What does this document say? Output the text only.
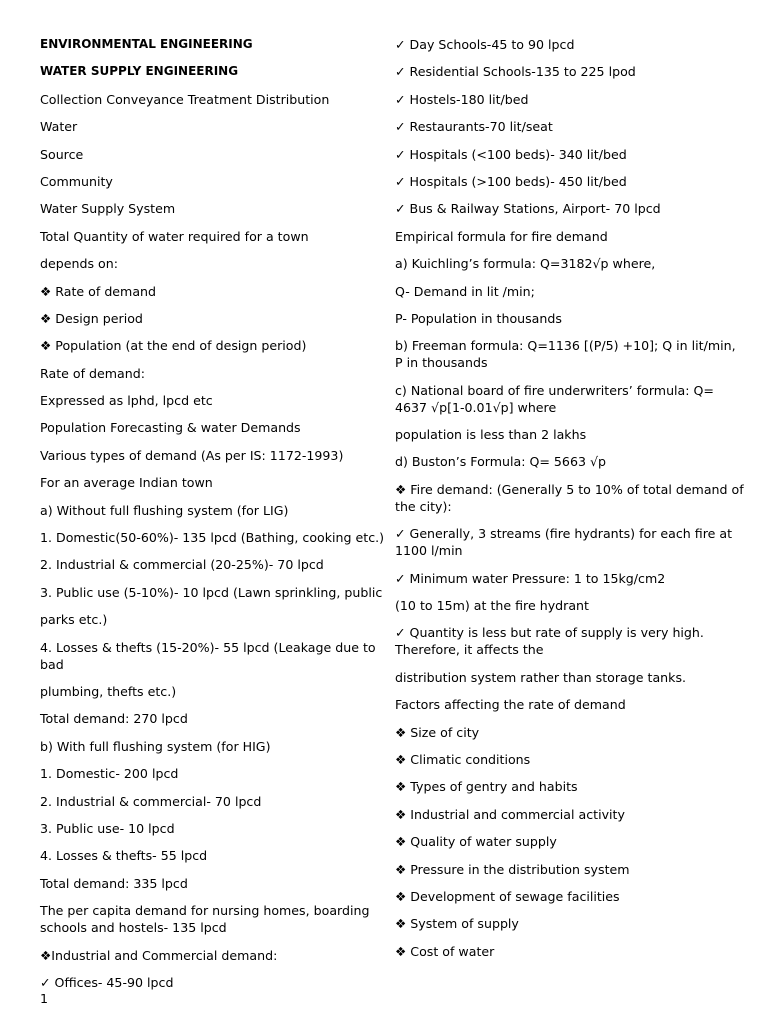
ENVIRONMENTAL ENGINEERING

WATER SUPPLY ENGINEERING

Collection Conveyance Treatment Distribution

Water

Source

Community

Water Supply System

Total Quantity of water required for a town

depends on:

❖ Rate of demand

❖ Design period

❖ Population (at the end of design period)

Rate of demand:

Expressed as lphd, lpcd etc

Population Forecasting & water Demands

Various types of demand (As per IS: 1172-1993)

For an average Indian town

a) Without full flushing system (for LIG)

1. Domestic(50-60%)- 135 lpcd (Bathing, cooking etc.)

2. Industrial & commercial (20-25%)- 70 lpcd

3. Public use (5-10%)- 10 lpcd (Lawn sprinkling, public

parks etc.)

4. Losses & thefts (15-20%)- 55 lpcd (Leakage due to bad

plumbing, thefts etc.)

Total demand: 270 lpcd

b) With full flushing system (for HIG)

1. Domestic- 200 lpcd

2. Industrial & commercial- 70 lpcd

3. Public use- 10 lpcd

4. Losses & thefts- 55 lpcd

Total demand: 335 lpcd

The per capita demand for nursing homes, boarding schools and hostels- 135 lpcd

❖Industrial and Commercial demand:

✓ Offices- 45-90 lpcd

✓ Day Schools-45 to 90 lpcd

✓ Residential Schools-135 to 225 lpod

✓ Hostels-180 lit/bed

✓ Restaurants-70 lit/seat

✓ Hospitals (<100 beds)- 340 lit/bed

✓ Hospitals (>100 beds)- 450 lit/bed

✓ Bus & Railway Stations, Airport- 70 lpcd

Empirical formula for fire demand

a) Kuichling’s formula: Q=3182√p where,

Q- Demand in lit /min;

P- Population in thousands

b) Freeman formula: Q=1136 [(P/5) +10]; Q in lit/min, P in thousands

c) National board of fire underwriters’ formula: Q= 4637 √p[1-0.01√p] where

population is less than 2 lakhs

d) Buston’s Formula: Q= 5663 √p

❖ Fire demand: (Generally 5 to 10% of total demand of the city):

✓ Generally, 3 streams (fire hydrants) for each fire at 1100 l/min

✓ Minimum water Pressure: 1 to 15kg/cm2

(10 to 15m) at the fire hydrant

✓ Quantity is less but rate of supply is very high. Therefore, it affects the

distribution system rather than storage tanks.

Factors affecting the rate of demand

❖ Size of city

❖ Climatic conditions

❖ Types of gentry and habits

❖ Industrial and commercial activity

❖ Quality of water supply

❖ Pressure in the distribution system

❖ Development of sewage facilities

❖ System of supply

❖ Cost of water

1
